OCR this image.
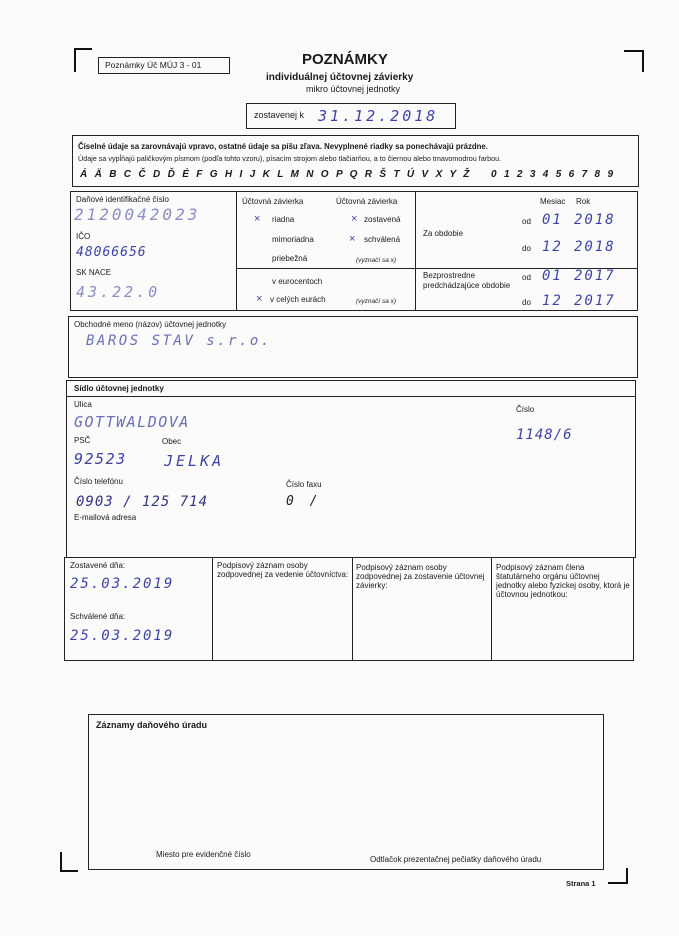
Poznámky Úč MÚJ 3 - 01	POZNÁMKY
individuálnej účtovnej závierky
mikro účtovnej jednotky
zostavenej k 31.12.2018
Číselné údaje sa zarovnávajú vpravo, ostatné údaje sa píšu zľava. Nevyplnené riadky sa ponechávajú prázdne.
Údaje sa vypĺňajú paličkovým písmom (podľa tohto vzoru), písacím strojom alebo tlačiarňou, a to čiernou alebo tmavomodrou farbou.
Á Ä B C Č D Ď É F G H I J K L M N O P Q R Š T Ú V X Y Ž 0 1 2 3 4 5 6 7 8 9
Daňové identifikačné číslo
2120042023
IČO
48066656
SK NACE
43.22.0
Účtovná závierka	Účtovná závierka
× riadna
mimoriadna
priebežná
× zostavená
× schválená
(vyznačí sa x)
v eurocentoch
× v celých eurách	(vyznačí sa x)
Mesiac Rok
Za obdobie
od 01 2018
do 12 2018
Bezprostredne predchádzajúce obdobie
od 01 2017
do 12 2017
Obchodné meno (názov) účtovnej jednotky
BAROS STAV s.r.o.
Sídlo účtovnej jednotky
Ulica
GOTTWALDOVA
Číslo
1148/6
PSČ	Obec
92523 JELKA
Číslo telefónu	Číslo faxu
0903 / 125 714	0 /
E-mailová adresa
Zostavené dňa:
25.03.2019
Schválené dňa:
25.03.2019
Podpisový záznam osoby zodpovednej za vedenie účtovníctva:
Podpisový záznam osoby zodpovednej za zostavenie účtovnej závierky:
Podpisový záznam člena štatutárneho orgánu účtovnej jednotky alebo fyzickej osoby, ktorá je účtovnou jednotkou:
Záznamy daňového úradu
Miesto pre evidenčné číslo
Odtlačok prezentačnej pečiatky daňového úradu
Strana 1
